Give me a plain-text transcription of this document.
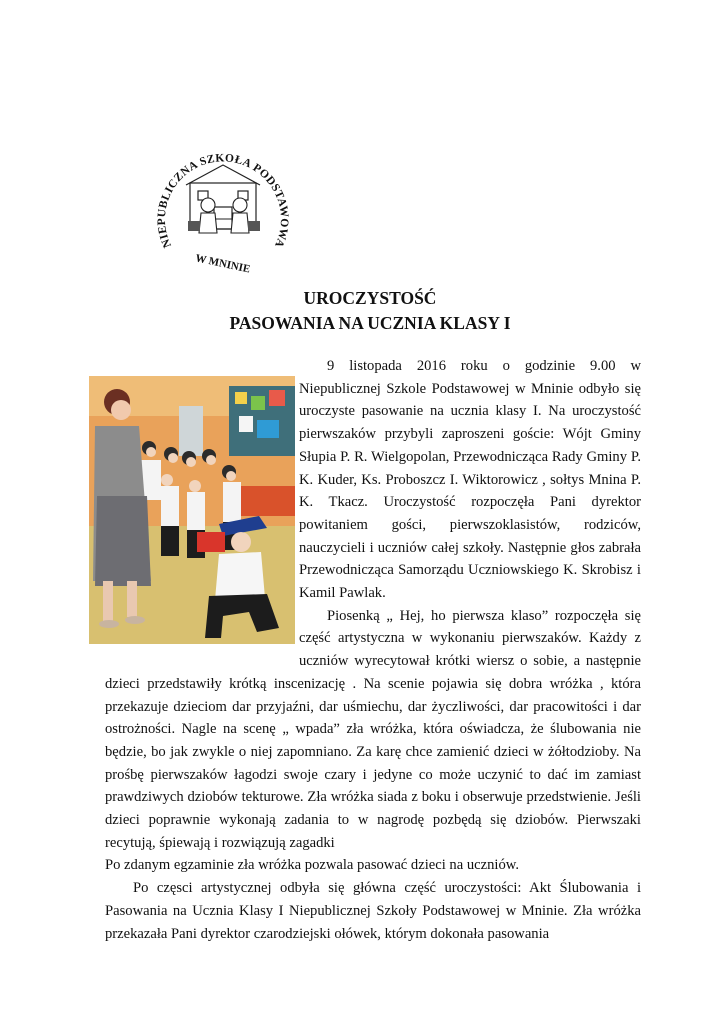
NIEPUBLICZNA SZKOŁA PODSTAWOWA
W MNINIE
UROCZYSTOŚĆ
PASOWANIA NA UCZNIA KLASY I

9 listopada 2016 roku o godzinie 9.00 w Niepublicznej Szkole Podstawowej w Mninie odbyło się uroczyste pasowanie na ucznia klasy I. Na uroczystość pierwszaków przybyli zaproszeni goście: Wójt Gminy Słupia P. R. Wielgopolan, Przewodnicząca Rady Gminy P. K. Kuder, Ks. Proboszcz I. Wiktorowicz , sołtys Mnina P. K. Tkacz. Uroczystość rozpoczęła Pani dyrektor powitaniem gości, pierwszoklasistów, rodziców, nauczycieli i uczniów całej szkoły. Następnie głos zabrała Przewodnicząca Samorządu Uczniowskiego K. Skrobisz i Kamil Pawlak.

Piosenką „ Hej, ho pierwsza klaso” rozpoczęła się część artystyczna w wykonaniu pierwszaków. Każdy z uczniów wyrecytował krótki wiersz o sobie, a następnie dzieci przedstawiły krótką inscenizację . Na scenie pojawia się dobra wróżka , która przekazuje dzieciom dar przyjaźni, dar uśmiechu, dar życzliwości, dar pracowitości i dar ostrożności. Nagle na scenę „ wpada” zła wróżka, która oświadcza, że ślubowania nie będzie, bo jak zwykle o niej zapomniano. Za karę chce zamienić dzieci w żółtodzioby. Na prośbę pierwszaków łagodzi swoje czary i jedyne co może uczynić to dać im zamiast prawdziwych dziobów tekturowe. Zła wróżka siada z boku i obserwuje przedstwienie. Jeśli dzieci poprawnie wykonają zadania to w nagrodę pozbędą się dziobów. Pierwszaki recytują, śpiewają i rozwiązują zagadki

Po zdanym egzaminie zła wróżka pozwala pasować dzieci na uczniów.

Po częsci artystycznej odbyła się główna część uroczystości: Akt Ślubowania i Pasowania na Ucznia Klasy I Niepublicznej Szkoły Podstawowej w Mninie. Zła wróżka przekazała Pani dyrektor czarodziejski ołówek, którym dokonała pasowania
